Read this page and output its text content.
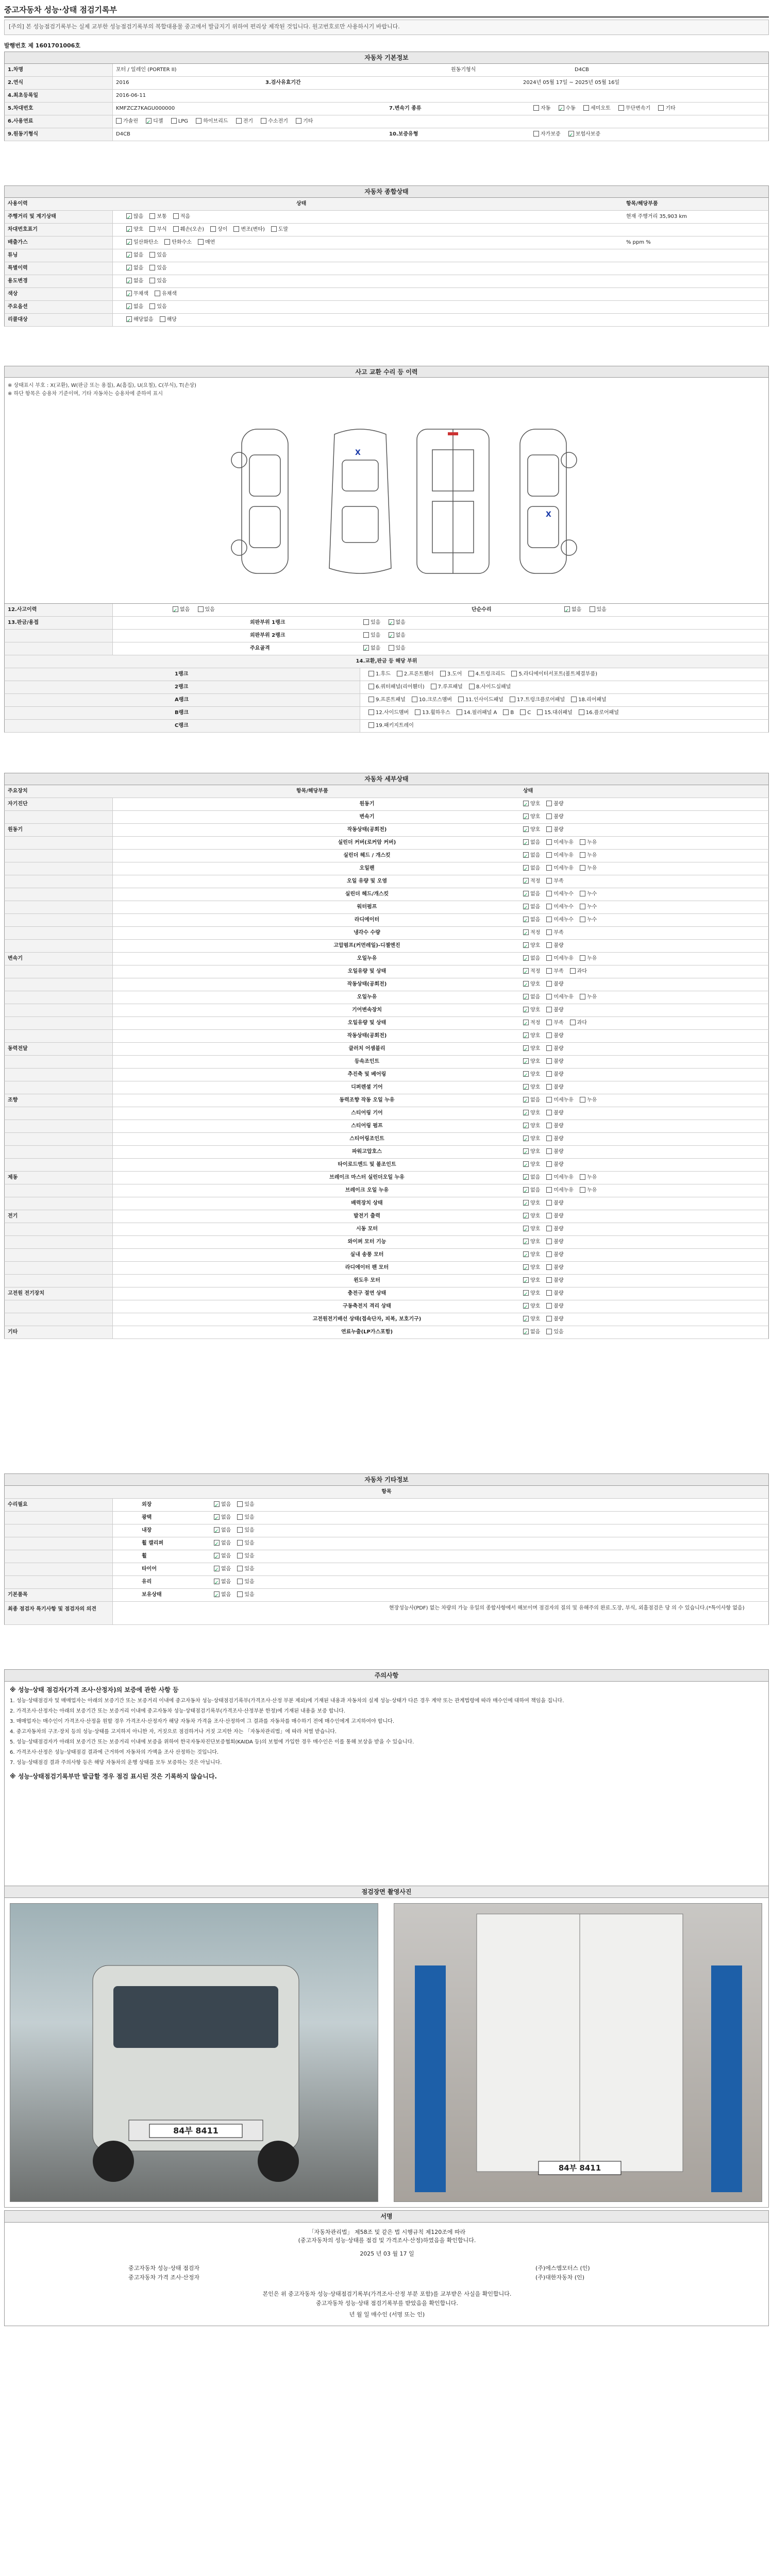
중고자동차 성능·상태 점검기록부
[주의] 본 성능점검기록부는 실제 교부한 성능점검기록부의 복합대용물 중고에서 발급지기 위하여 편리상 제작된 것입니다. 원고번호로만 사용하시기 바랍니다.
발행번호 제 1601701006호
자동차 기본정보
1.차명	포터 / 일레인 (PORTER II)	원동기형식	D4CB
2.연식	2016	3.검사유효기간	2024년 05월 17일 ~ 2025년 05월 16일
4.최초등록일	2016-06-11
5.차대번호	KMFZCZ7KAGU000000	7.변속기 종류	자동 ✓	수동	세미오토	무단변속기	기타
6.사용연료	가솔린 ✓	디젤	LPG	하이브리드	전기	수소전기	기타
9.원동기형식	D4CB	10.보증유형	자가보증 ✓	보험사보증
자동차 종합상태
사용이력	상태	항목/해당부품
주행거리 및 계기상태 ✓	많음	보통	적음	현재 주행거리 35,903 km
차대번호표기 ✓	양호	부식	훼손(오손)	상이	변조(변타)	도말
배출가스 ✓	일산화탄소	탄화수소	매연	% ppm %
튜닝 ✓	없음	있음
특별이력 ✓	없음	있음
용도변경 ✓	없음	있음
색상 ✓	무채색	유채색
주요옵션 ✓	없음	있음
리콜대상 ✓	해당없음	해당
사고 교환 수리 등 이력
※ 상태표시 부호 : X(교환), W(판금 또는 용접), A(흠집), U(요철), C(부식), T(손상)
※ 하단 항목은 승용차 기준이며, 기타 자동차는 승용차에 준하여 표시
X
X
12.사고이력 ✓	없음	있음	단순수리 ✓	없음	있음
13.판금/용접	외판부위 1랭크	있음 ✓	없음
외판부위 2랭크	있음 ✓	없음
주요골격 ✓	없음	있음
14.교환,판금 등 해당 부위
1랭크	1.후드	2.프론트휀더	3.도어	4.트렁크리드	5.라디에이터서포트(볼트체결부품)
2랭크	6.쿼터패널(리어휀더)	7.루프패널	8.사이드실패널
A랭크	9.프론트패널	10.크로스멤버	11.인사이드패널	17.트렁크플로어패널	18.리어패널
B랭크	12.사이드멤버	13.휠하우스	14.필러패널 A	B	C	15.대쉬패널	16.플로어패널
C랭크	19.패키지트레이
자동차 세부상태
주요장치	항목/해당부품	상태
자기진단	원동기 ✓	양호	불량
변속기 ✓	양호	불량
원동기	작동상태(공회전) ✓	양호	불량
실린더 커버(로커암 커버) ✓	없음	미세누유	누유
실린더 헤드 / 개스킷 ✓	없음	미세누유	누유
오일팬 ✓	없음	미세누유	누유
오일 유량 및 오염 ✓	적정	부족
실린더 헤드/개스킷 ✓	없음	미세누수	누수
워터펌프 ✓	없음	미세누수	누수
라디에이터 ✓	없음	미세누수	누수
냉각수 수량 ✓	적정	부족
고압펌프(커먼레일)-디젤엔진 ✓	양호	불량
변속기	오일누유 ✓	없음	미세누유	누유
오일유량 및 상태 ✓	적정	부족	과다
작동상태(공회전) ✓	양호	불량
오일누유 ✓	없음	미세누유	누유
기어변속장치 ✓	양호	불량
오일유량 및 상태 ✓	적정	부족	과다
작동상태(공회전) ✓	양호	불량
동력전달	클러치 어셈블리 ✓	양호	불량
등속조인트 ✓	양호	불량
추진축 및 베어링 ✓	양호	불량
디퍼렌셜 기어 ✓	양호	불량
조향	동력조향 작동 오일 누유 ✓	없음	미세누유	누유
스티어링 기어 ✓	양호	불량
스티어링 펌프 ✓	양호	불량
스티어링조인트 ✓	양호	불량
파워고압호스 ✓	양호	불량
타이로드엔드 및 볼조인트 ✓	양호	불량
제동	브레이크 마스터 실린더오일 누유 ✓	없음	미세누유	누유
브레이크 오일 누유 ✓	없음	미세누유	누유
배력장치 상태 ✓	양호	불량
전기	발전기 출력 ✓	양호	불량
시동 모터 ✓	양호	불량
와이퍼 모터 기능 ✓	양호	불량
실내 송풍 모터 ✓	양호	불량
라디에이터 팬 모터 ✓	양호	불량
윈도우 모터 ✓	양호	불량
고전원 전기장치	충전구 절연 상태 ✓	양호	불량
구동축전지 격리 상태 ✓	양호	불량
고전원전기배선 상태(접속단자, 피복, 보호기구) ✓	양호	불량
기타	연료누출(LP가스포함) ✓	없음	있음
자동차 기타정보
항목
수리필요	외장 ✓	없음	있음
광택 ✓	없음	있음
내장 ✓	없음	있음
휠 캘리퍼 ✓	없음	있음
휠 ✓	없음	있음
타이어 ✓	없음	있음
유리 ✓	없음	있음
기본품목	보유상태 ✓	없음	있음
최종 점검자 특기사항 및 점검자의 의견	현장성능사(PDF) 없는 차량의 가능 유일의 종합사항에서 해보이며 점검자의 질의 및 유해주의 완료.도장, 부식, 외흠점검은 당 의 수 있습니다.(*특이사항 없음)
주의사항
※ 성능·상태 점검자(가격 조사·산정자)의 보증에 관한 사항 등
1. 성능·상태점검자 및 매매업자는 아래의 보증기간 또는 보증거리 이내에 중고자동차 성능·상태점검기록부(가격조사·산정 부분 제외)에 기재된 내용과 자동차의 실제 성능·상태가 다른 경우 계약 또는 관계법령에 따라 매수인에 대하여 책임을 집니다.
2. 가격조사·산정자는 아래의 보증기간 또는 보증거리 이내에 중고자동차 성능·상태점검기록부(가격조사·산정부분 한정)에 기재된 내용을 보증 합니다.
3. 매매업자는 매수인이 가격조사·산정을 원할 경우 가격조사·산정자가 해당 자동차 가격을 조사·산정하여 그 결과를 자동차를 매수하기 전에 매수인에게 고지하여야 합니다.
4. 중고자동차의 구조·장치 등의 성능·상태를 고지하지 아니한 자, 거짓으로 점검하거나 거짓 고지한 자는 「자동차관리법」에 따라 처벌 받습니다.
5. 성능·상태점검자가 아래의 보증기간 또는 보증거리 이내에 보증을 위하여 한국자동차진단보증협회(KAIDA 등)의 보험에 가입한 경우 매수인은 이를 통해 보상을 받을 수 있습니다.
6. 가격조사·산정은 성능·상태점검 결과에 근거하여 자동차의 가액을 조사 산정하는 것입니다.
7. 성능·상태점검 결과 주의사항 등은 해당 자동차의 운행 상태를 모두 보증하는 것은 아닙니다.
※ 성능·상태점검기록부만 발급할 경우 점검 표시된 것은 기록하지 않습니다.
점검장면 촬영사진
84부 8411
84부 8411
서명
「자동차관리법」 제58조 및 같은 법 시행규칙 제120조에 따라
(중고자동차의 성능·상태를 점검 및 가격조사·산정)하였음을 확인합니다.
2025 년 03 월 17 일
중고자동차 성능·상태 점검자	(주)에스엠모터스 (인)
중고자동차 가격 조사·산정자	(주)대한자동차 (인)
본인은 위 중고자동차 성능·상태점검기록부(가격조사·산정 부분 포함)를 교부받은 사실을 확인합니다.
중고자동차 성능·상태 점검기록부를 받았음을 확인합니다.
년 월 일 매수인 (서명 또는 인)
